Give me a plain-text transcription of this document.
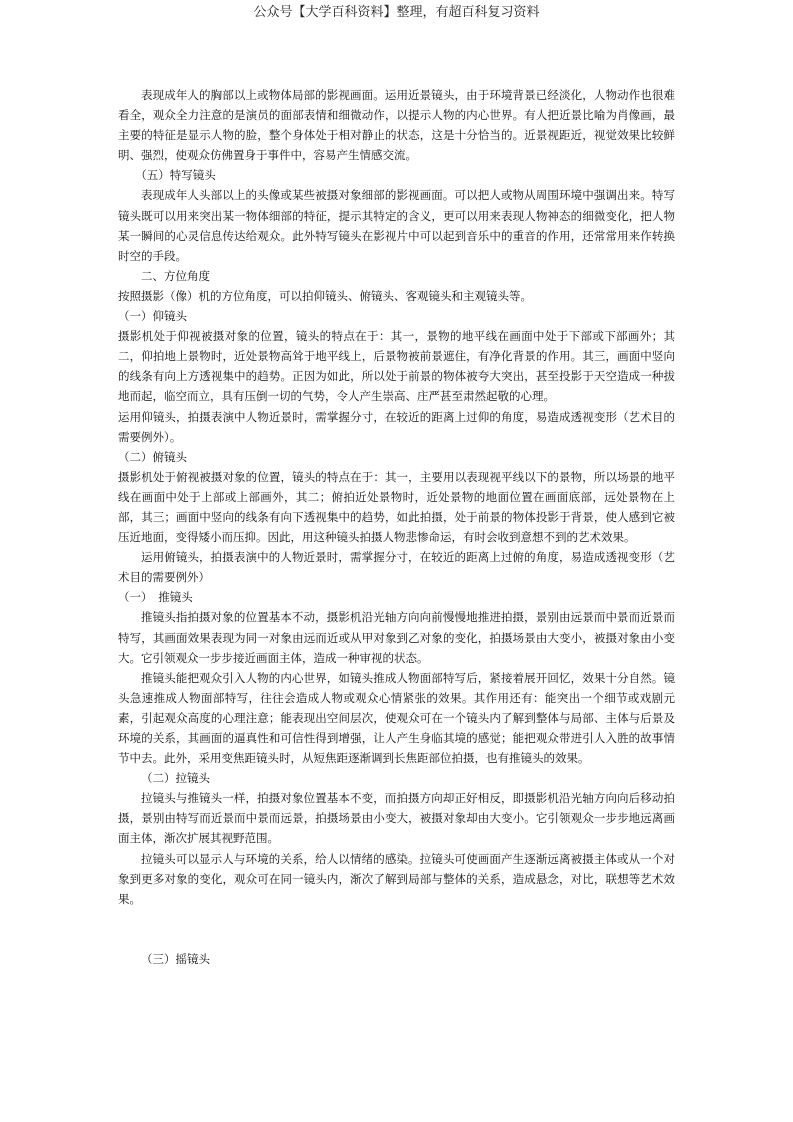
公众号【大学百科资料】整理，有超百科复习资料

表现成年人的胸部以上或物体局部的影视画面。运用近景镜头，由于环境背景已经淡化，人物动作也很难看全，观众全力注意的是演员的面部表情和细微动作，以提示人物的内心世界。有人把近景比喻为肖像画，最主要的特征是显示人物的脸，整个身体处于相对静止的状态，这是十分恰当的。近景视距近，视觉效果比较鲜明、强烈，使观众仿佛置身于事件中，容易产生情感交流。

（五）特写镜头

表现成年人头部以上的头像或某些被摄对象细部的影视画面。可以把人或物从周围环境中强调出来。特写镜头既可以用来突出某一物体细部的特征，提示其特定的含义，更可以用来表现人物神态的细微变化，把人物某一瞬间的心灵信息传达给观众。此外特写镜头在影视片中可以起到音乐中的重音的作用，还常常用来作转换时空的手段。

二、方位角度

按照摄影（像）机的方位角度，可以拍仰镜头、俯镜头、客观镜头和主观镜头等。

（一）仰镜头

摄影机处于仰视被摄对象的位置，镜头的特点在于：其一，景物的地平线在画面中处于下部或下部画外；其二，仰拍地上景物时，近处景物高耸于地平线上，后景物被前景遮住，有净化背景的作用。其三，画面中竖向的线条有向上方透视集中的趋势。正因为如此，所以处于前景的物体被夸大突出，甚至投影于天空造成一种拔地而起，临空而立，具有压倒一切的气势，令人产生崇高、庄严甚至肃然起敬的心理。

运用仰镜头，拍摄表演中人物近景时，需掌握分寸，在较近的距离上过仰的角度，易造成透视变形（艺术目的需要例外）。

（二）俯镜头

摄影机处于俯视被摄对象的位置，镜头的特点在于：其一，主要用以表现视平线以下的景物，所以场景的地平线在画面中处于上部或上部画外，其二；俯拍近处景物时，近处景物的地面位置在画面底部，远处景物在上部，其三；画面中竖向的线条有向下透视集中的趋势，如此拍摄，处于前景的物体投影于背景，使人感到它被压近地面，变得矮小而压抑。因此，用这种镜头拍摄人物悲惨命运，有时会收到意想不到的艺术效果。

运用俯镜头，拍摄表演中的人物近景时，需掌握分寸，在较近的距离上过俯的角度，易造成透视变形（艺术目的需要例外）

（一）　推镜头

推镜头指拍摄对象的位置基本不动，摄影机沿光轴方向向前慢慢地推进拍摄，景别由远景而中景而近景而特写，其画面效果表现为同一对象由远而近或从甲对象到乙对象的变化，拍摄场景由大变小，被摄对象由小变大。它引领观众一步步接近画面主体，造成一种审视的状态。

推镜头能把观众引入人物的内心世界，如镜头推成人物面部特写后，紧接着展开回忆，效果十分自然。镜头急速推成人物面部特写，往往会造成人物或观众心情紧张的效果。其作用还有：能突出一个细节或戏剧元素，引起观众高度的心理注意；能表现出空间层次，使观众可在一个镜头内了解到整体与局部、主体与后景及环境的关系，其画面的逼真性和可信性得到增强，让人产生身临其境的感觉；能把观众带进引人入胜的故事情节中去。此外，采用变焦距镜头时，从短焦距逐渐调到长焦距部位拍摄，也有推镜头的效果。

（二）拉镜头

拉镜头与推镜头一样，拍摄对象位置基本不变，而拍摄方向却正好相反，即摄影机沿光轴方向向后移动拍摄，景别由特写而近景而中景而远景，拍摄场景由小变大，被摄对象却由大变小。它引领观众一步步地远离画面主体，渐次扩展其视野范围。

拉镜头可以显示人与环境的关系，给人以情绪的感染。拉镜头可使画面产生逐渐远离被摄主体或从一个对象到更多对象的变化，观众可在同一镜头内，渐次了解到局部与整体的关系，造成悬念，对比，联想等艺术效果。

（三）摇镜头
